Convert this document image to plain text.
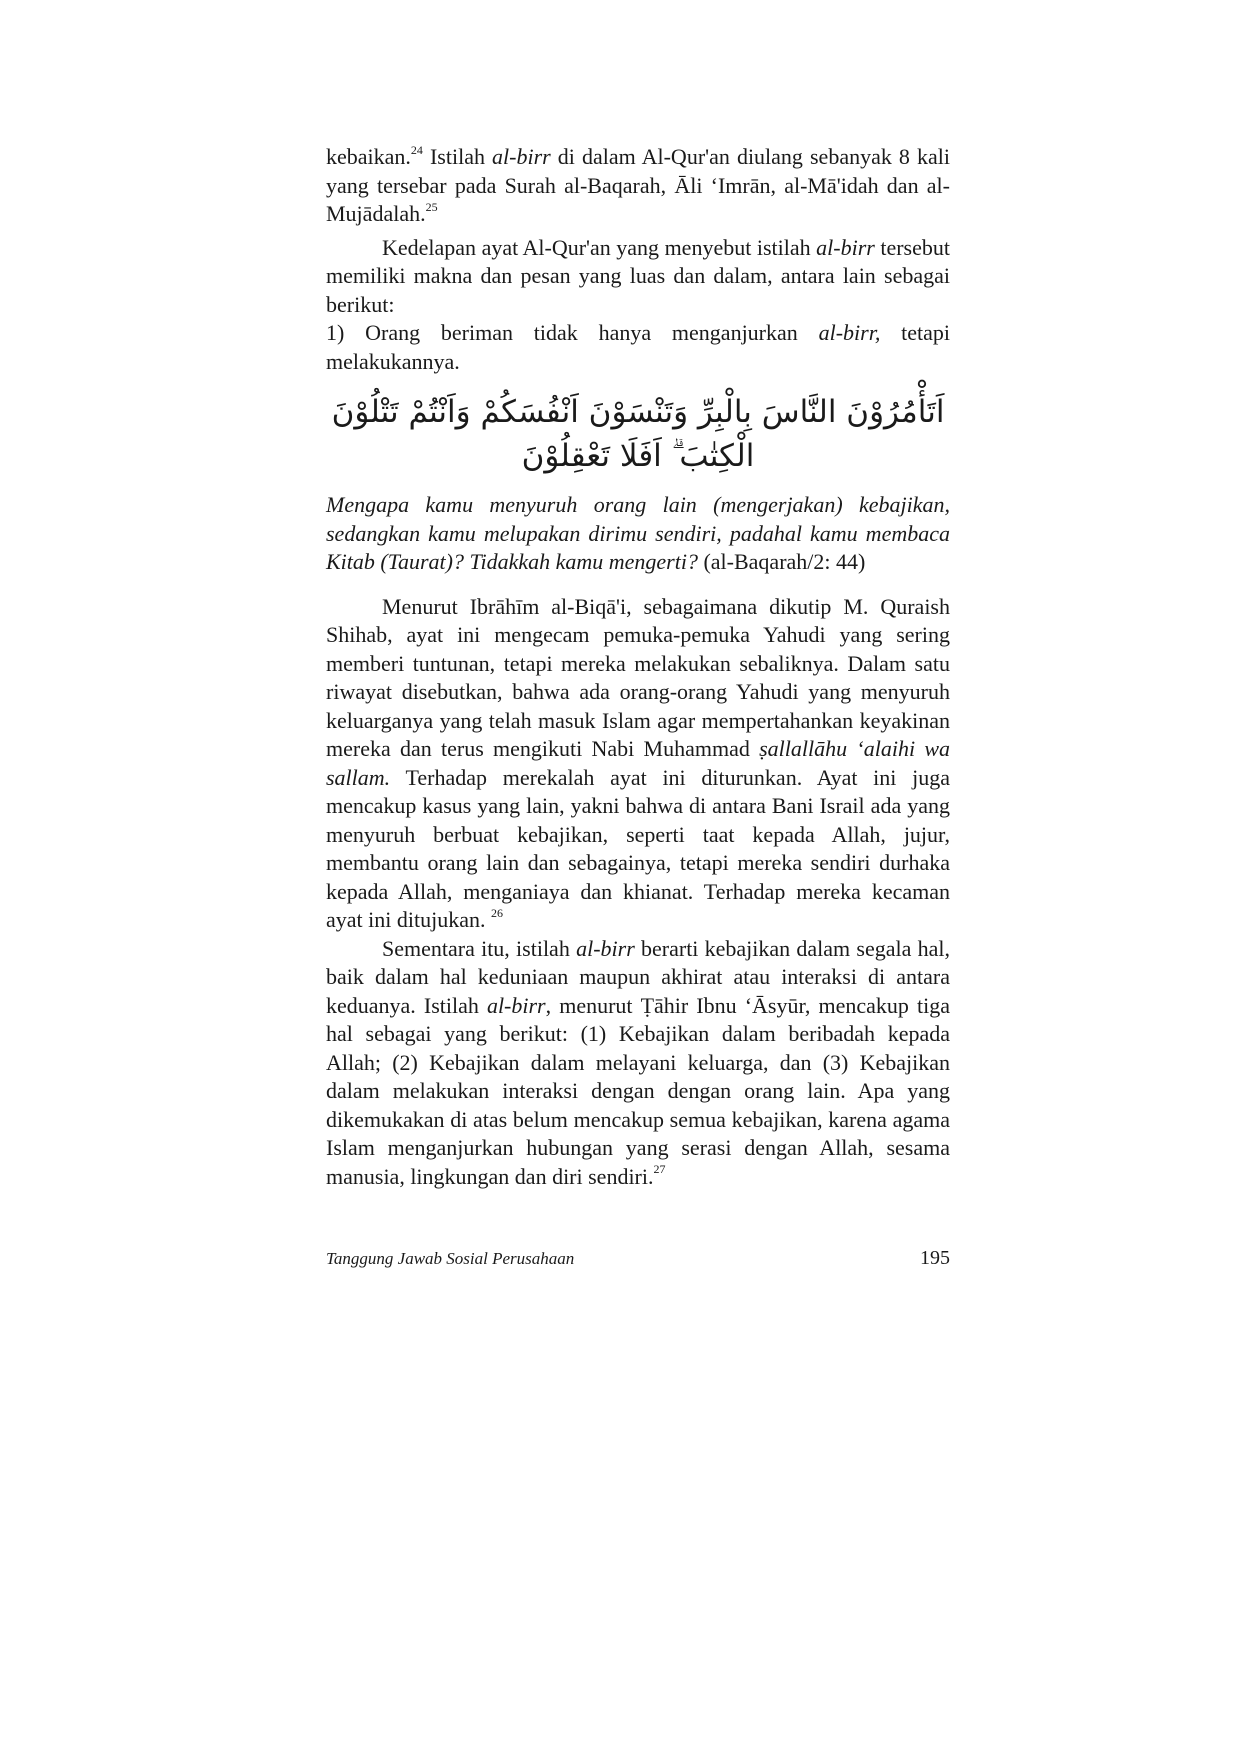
kebaikan.$^{24}$ Istilah al-birr di dalam Al-Qur'an diulang sebanyak 8 kali yang tersebar pada Surah al-Baqarah, Āli ‘Imrān, al-Mā'idah dan al-Mujādalah.$^{25}$

Kedelapan ayat Al-Qur'an yang menyebut istilah al-birr tersebut memiliki makna dan pesan yang luas dan dalam, antara lain sebagai berikut:

1) Orang beriman tidak hanya menganjurkan al-birr, tetapi melakukannya.

اَتَأْمُرُوْنَ النَّاسَ بِالْبِرِّ وَتَنْسَوْنَ اَنْفُسَكُمْ وَاَنْتُمْ تَتْلُوْنَ الْكِتٰبَ ۗ اَفَلَا تَعْقِلُوْنَ

Mengapa kamu menyuruh orang lain (mengerjakan) kebajikan, sedangkan kamu melupakan dirimu sendiri, padahal kamu membaca Kitab (Taurat)? Tidakkah kamu mengerti? (al-Baqarah/2: 44)

Menurut Ibrāhīm al-Biqā'i, sebagaimana dikutip M. Quraish Shihab, ayat ini mengecam pemuka-pemuka Yahudi yang sering memberi tuntunan, tetapi mereka melakukan sebaliknya. Dalam satu riwayat disebutkan, bahwa ada orang-orang Yahudi yang menyuruh keluarganya yang telah masuk Islam agar mempertahankan keyakinan mereka dan terus mengikuti Nabi Muhammad ṣallallāhu ‘alaihi wa sallam. Terhadap merekalah ayat ini diturunkan. Ayat ini juga mencakup kasus yang lain, yakni bahwa di antara Bani Israil ada yang menyuruh berbuat kebajikan, seperti taat kepada Allah, jujur, membantu orang lain dan sebagainya, tetapi mereka sendiri durhaka kepada Allah, menganiaya dan khianat. Terhadap mereka kecaman ayat ini ditujukan. $^{26}$

Sementara itu, istilah al-birr berarti kebajikan dalam segala hal, baik dalam hal keduniaan maupun akhirat atau interaksi di antara keduanya. Istilah al-birr, menurut Ṭāhir Ibnu ‘Āsyūr, mencakup tiga hal sebagai yang berikut: (1) Kebajikan dalam beribadah kepada Allah; (2) Kebajikan dalam melayani keluarga, dan (3) Kebajikan dalam melakukan interaksi dengan dengan orang lain. Apa yang dikemukakan di atas belum mencakup semua kebajikan, karena agama Islam menganjurkan hubungan yang serasi dengan Allah, sesama manusia, lingkungan dan diri sendiri.$^{27}$

Tanggung Jawab Sosial Perusahaan	195
